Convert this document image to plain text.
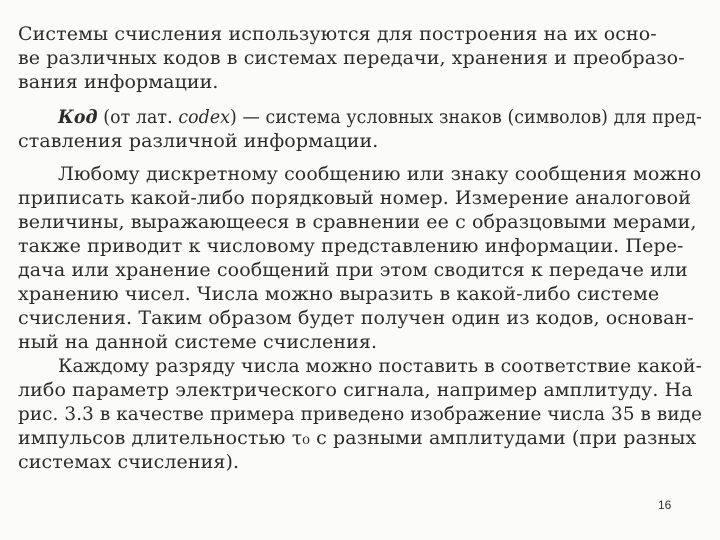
Системы счисления используются для построения на их осно-
ве различных кодов в системах передачи, хранения и преобразо-
вания информации.
Код (от лат. codex) — система условных знаков (символов) для пред-
ставления различной информации.
Любому дискретному сообщению или знаку сообщения можно
приписать какой-либо порядковый номер. Измерение аналоговой
величины, выражающееся в сравнении ее с образцовыми мерами,
также приводит к числовому представлению информации. Пере-
дача или хранение сообщений при этом сводится к передаче или
хранению чисел. Числа можно выразить в какой-либо системе
счисления. Таким образом будет получен один из кодов, основан-
ный на данной системе счисления.
Каждому разряду числа можно поставить в соответствие какой-
либо параметр электрического сигнала, например амплитуду. На
рис. 3.3 в качестве примера приведено изображение числа 35 в виде
импульсов длительностью τ₀ с разными амплитудами (при разных
системах счисления).
16
